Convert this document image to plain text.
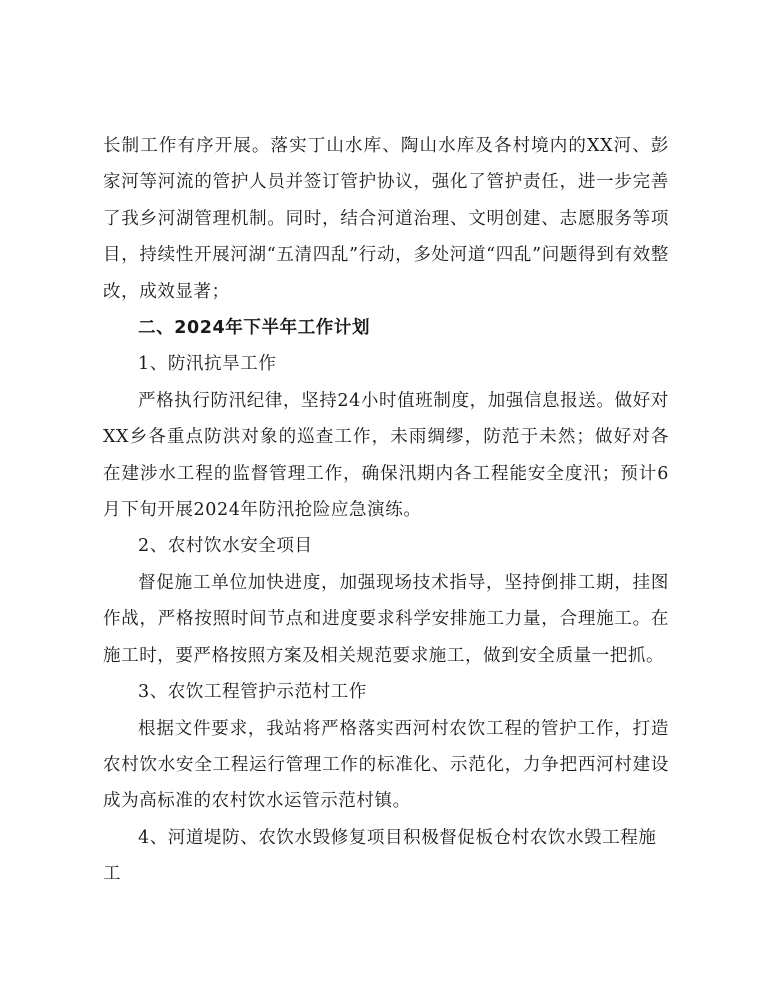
长制工作有序开展。落实丁山水库、陶山水库及各村境内的XX河、彭家河等河流的管护人员并签订管护协议，强化了管护责任，进一步完善了我乡河湖管理机制。同时，结合河道治理、文明创建、志愿服务等项目，持续性开展河湖“五清四乱”行动，多处河道“四乱”问题得到有效整改，成效显著；

二、2024年下半年工作计划

1、防汛抗旱工作

严格执行防汛纪律，坚持24小时值班制度，加强信息报送。做好对XX乡各重点防洪对象的巡查工作，未雨绸缪，防范于未然；做好对各在建涉水工程的监督管理工作，确保汛期内各工程能安全度汛；预计6月下旬开展2024年防汛抢险应急演练。

2、农村饮水安全项目

督促施工单位加快进度，加强现场技术指导，坚持倒排工期，挂图作战，严格按照时间节点和进度要求科学安排施工力量，合理施工。在施工时，要严格按照方案及相关规范要求施工，做到安全质量一把抓。

3、农饮工程管护示范村工作

根据文件要求，我站将严格落实西河村农饮工程的管护工作，打造农村饮水安全工程运行管理工作的标准化、示范化，力争把西河村建设成为高标准的农村饮水运管示范村镇。

4、河道堤防、农饮水毁修复项目积极督促板仓村农饮水毁工程施工
